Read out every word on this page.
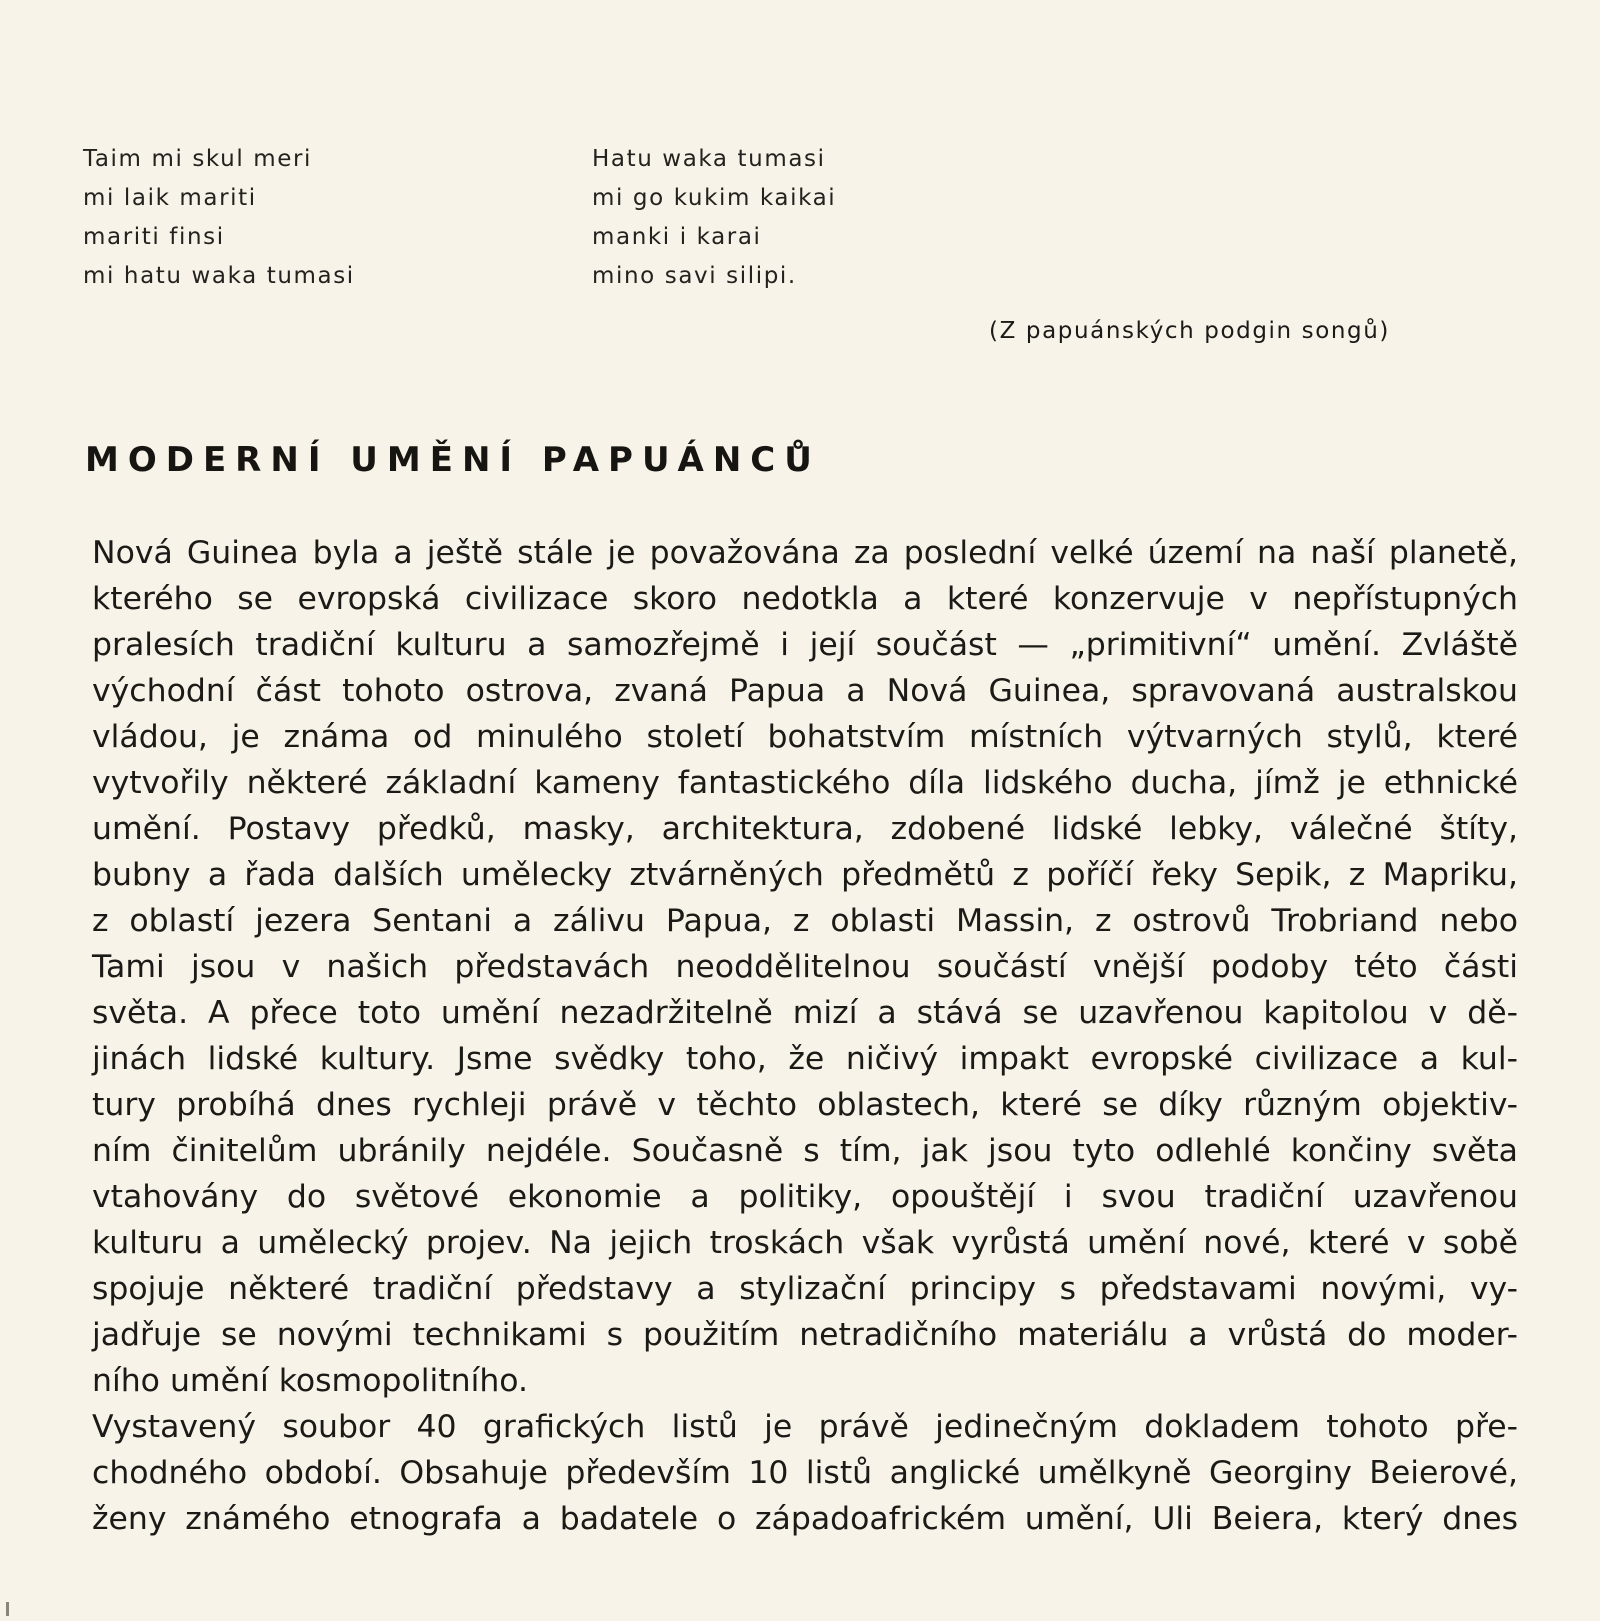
Taim mi skul meri
mi laik mariti
mariti finsi
mi hatu waka tumasi
Hatu waka tumasi
mi go kukim kaikai
manki i karai
mino savi silipi.
(Z papuánských podgin songů)
MODERNÍ UMĚNÍ PAPUÁNCŮ
Nová Guinea byla a ještě stále je považována za poslední velké území na naší planetě,
kterého se evropská civilizace skoro nedotkla a které konzervuje v nepřístupných
pralesích tradiční kulturu a samozřejmě i její součást — „primitivní“ umění. Zvláště
východní část tohoto ostrova, zvaná Papua a Nová Guinea, spravovaná australskou
vládou, je známa od minulého století bohatstvím místních výtvarných stylů, které
vytvořily některé základní kameny fantastického díla lidského ducha, jímž je ethnické
umění. Postavy předků, masky, architektura, zdobené lidské lebky, válečné štíty,
bubny a řada dalších umělecky ztvárněných předmětů z poříčí řeky Sepik, z Mapriku,
z oblastí jezera Sentani a zálivu Papua, z oblasti Massin, z ostrovů Trobriand nebo
Tami jsou v našich představách neoddělitelnou součástí vnější podoby této části
světa. A přece toto umění nezadržitelně mizí a stává se uzavřenou kapitolou v dě-
jinách lidské kultury. Jsme svědky toho, že ničivý impakt evropské civilizace a kul-
tury probíhá dnes rychleji právě v těchto oblastech, které se díky různým objektiv-
ním činitelům ubránily nejdéle. Současně s tím, jak jsou tyto odlehlé končiny světa
vtahovány do světové ekonomie a politiky, opouštějí i svou tradiční uzavřenou
kulturu a umělecký projev. Na jejich troskách však vyrůstá umění nové, které v sobě
spojuje některé tradiční představy a stylizační principy s představami novými, vy-
jadřuje se novými technikami s použitím netradičního materiálu a vrůstá do moder-
ního umění kosmopolitního.
Vystavený soubor 40 grafických listů je právě jedinečným dokladem tohoto pře-
chodného období. Obsahuje především 10 listů anglické umělkyně Georginy Beierové,
ženy známého etnografa a badatele o západoafrickém umění, Uli Beiera, který dnes
